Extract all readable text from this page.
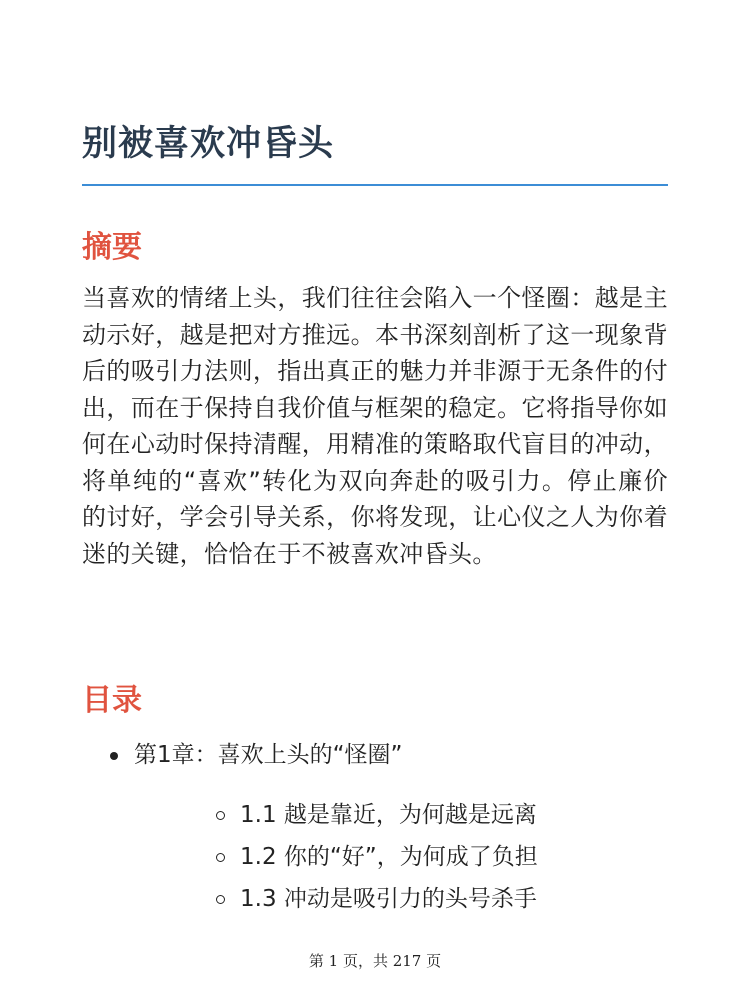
别被喜欢冲昏头
摘要

当喜欢的情绪上头，我们往往会陷入一个怪圈：越是主动示好，越是把对方推远。本书深刻剖析了这一现象背后的吸引力法则，指出真正的魅力并非源于无条件的付出，而在于保持自我价值与框架的稳定。它将指导你如何在心动时保持清醒，用精准的策略取代盲目的冲动，将单纯的“喜欢”转化为双向奔赴的吸引力。停止廉价的讨好，学会引导关系，你将发现，让心仪之人为你着迷的关键，恰恰在于不被喜欢冲昏头。

目录
第1章：喜欢上头的“怪圈”
1.1 越是靠近，为何越是远离
1.2 你的“好”，为何成了负担
1.3 冲动是吸引力的头号杀手
第 1 页，共 217 页
